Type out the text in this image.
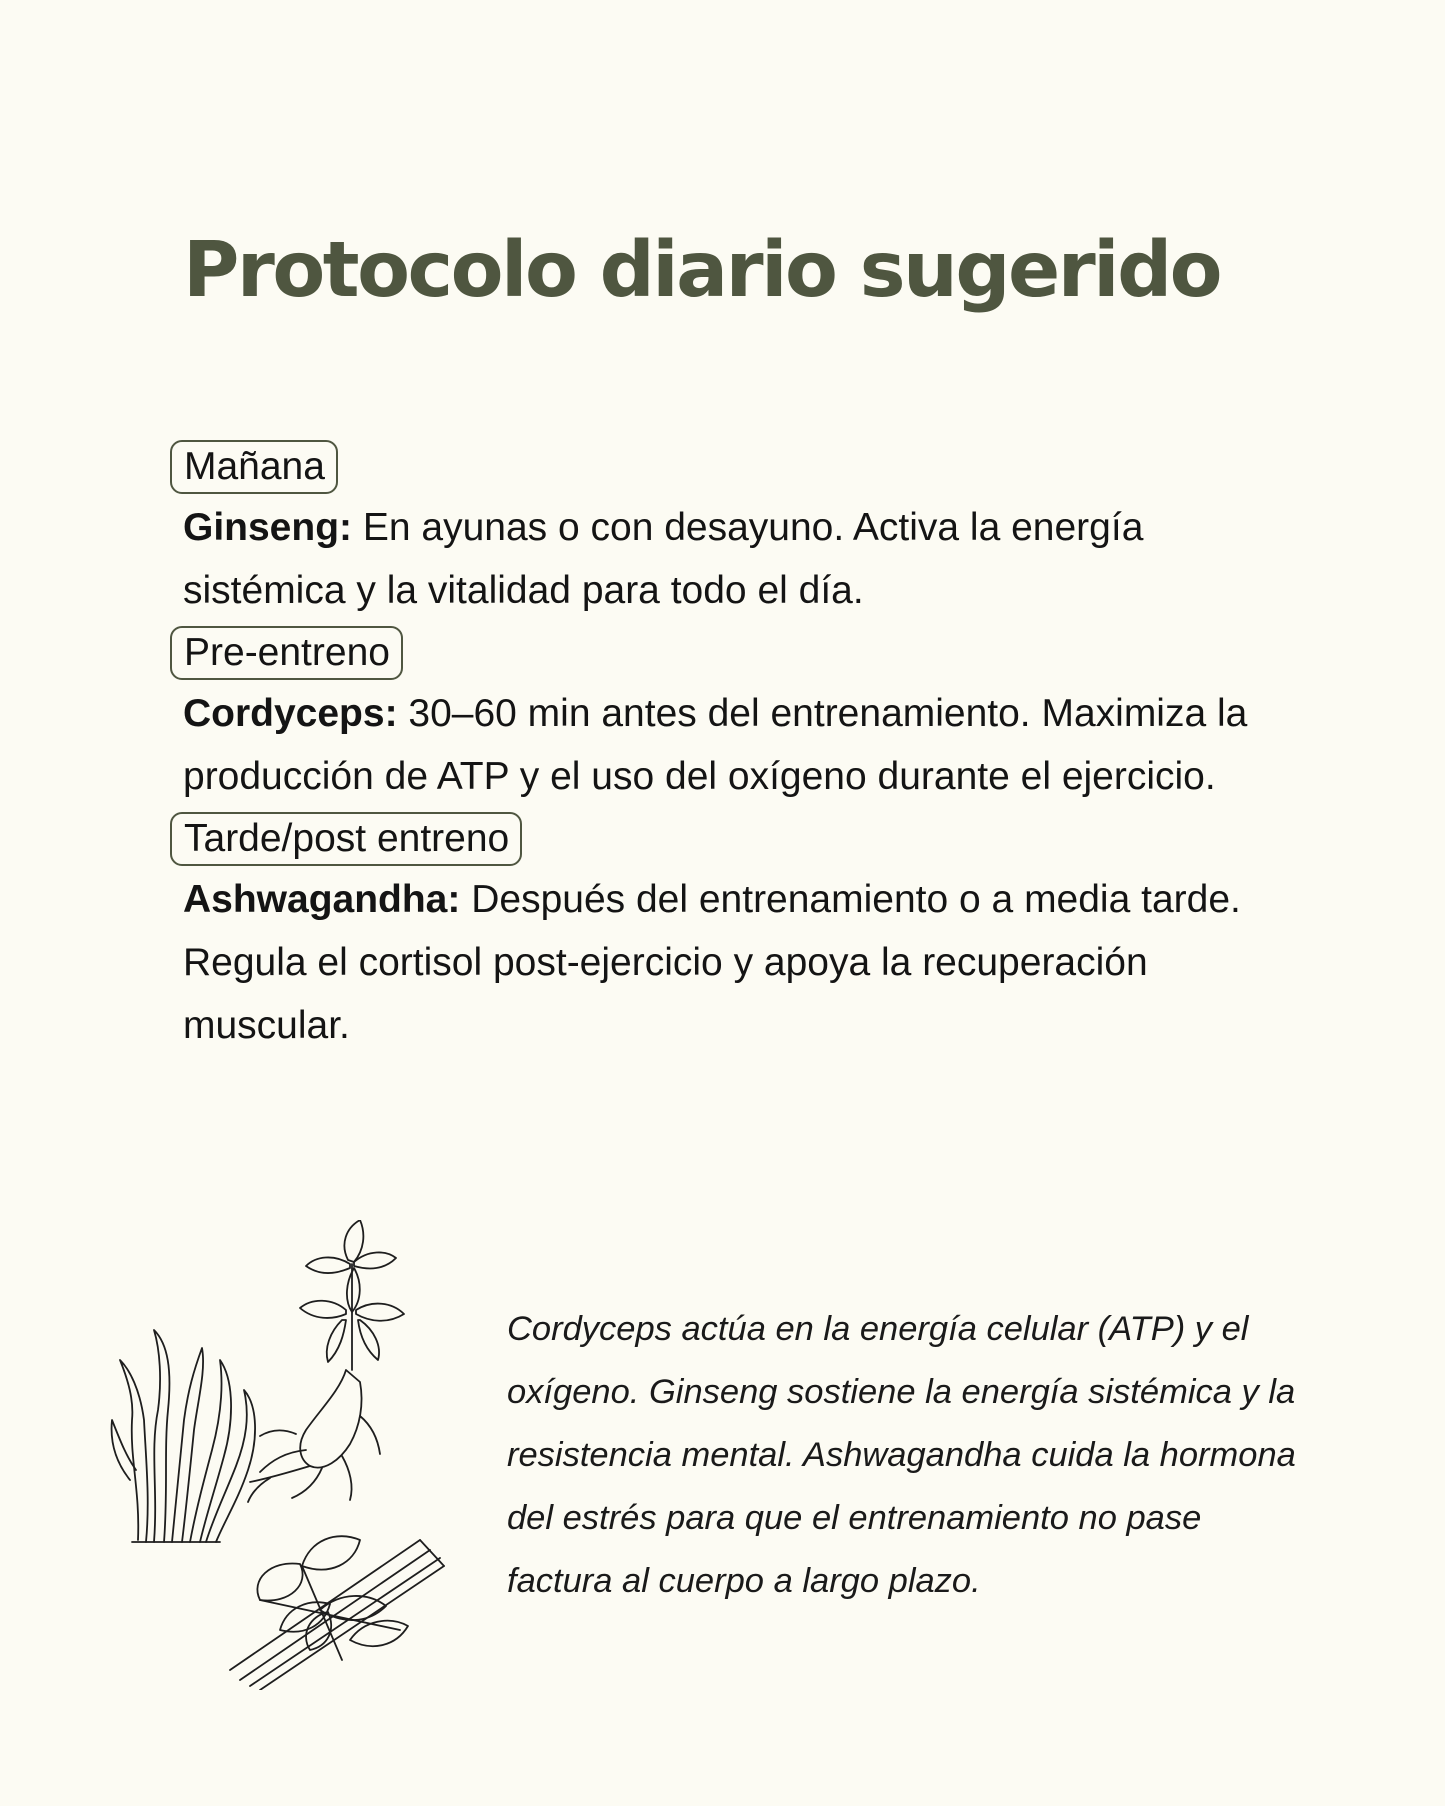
Protocolo diario sugerido
Mañana

Ginseng: En ayunas o con desayuno. Activa la energía sistémica y la vitalidad para todo el día.

Pre-entreno

Cordyceps: 30–60 min antes del entrenamiento. Maximiza la producción de ATP y el uso del oxígeno durante el ejercicio.

Tarde/post entreno

Ashwagandha: Después del entrenamiento o a media tarde. Regula el cortisol post-ejercicio y apoya la recuperación muscular.

Cordyceps actúa en la energía celular (ATP) y el oxígeno. Ginseng sostiene la energía sistémica y la resistencia mental. Ashwagandha cuida la hormona del estrés para que el entrenamiento no pase factura al cuerpo a largo plazo.
